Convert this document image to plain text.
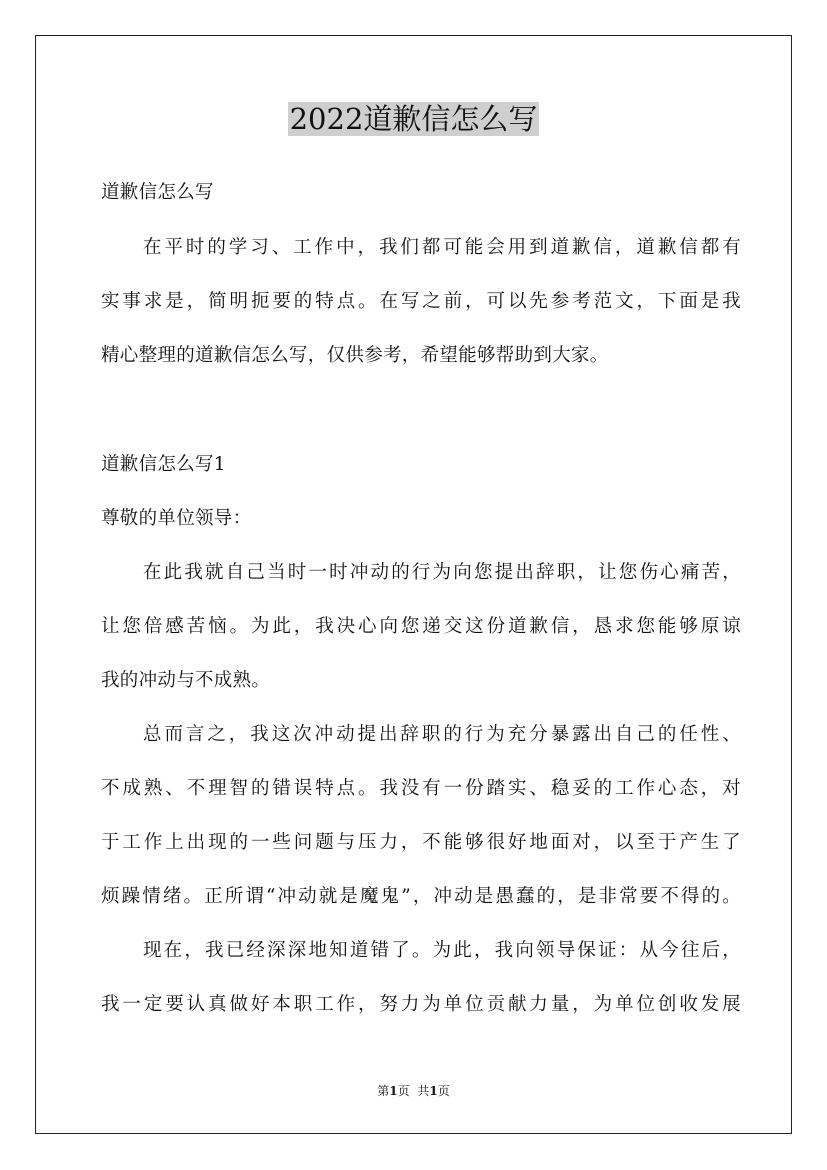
2022道歉信怎么写

道歉信怎么写

在平时的学习、工作中，我们都可能会用到道歉信，道歉信都有

实事求是，简明扼要的特点。在写之前，可以先参考范文，下面是我

精心整理的道歉信怎么写，仅供参考，希望能够帮助到大家。

道歉信怎么写1

尊敬的单位领导：

在此我就自己当时一时冲动的行为向您提出辞职，让您伤心痛苦，

让您倍感苦恼。为此，我决心向您递交这份道歉信，恳求您能够原谅

我的冲动与不成熟。

总而言之，我这次冲动提出辞职的行为充分暴露出自己的任性、

不成熟、不理智的错误特点。我没有一份踏实、稳妥的工作心态，对

于工作上出现的一些问题与压力，不能够很好地面对，以至于产生了

烦躁情绪。正所谓“冲动就是魔鬼”，冲动是愚蠢的，是非常要不得的。

现在，我已经深深地知道错了。为此，我向领导保证：从今往后，

我一定要认真做好本职工作，努力为单位贡献力量，为单位创收发展

第1页 共1页
